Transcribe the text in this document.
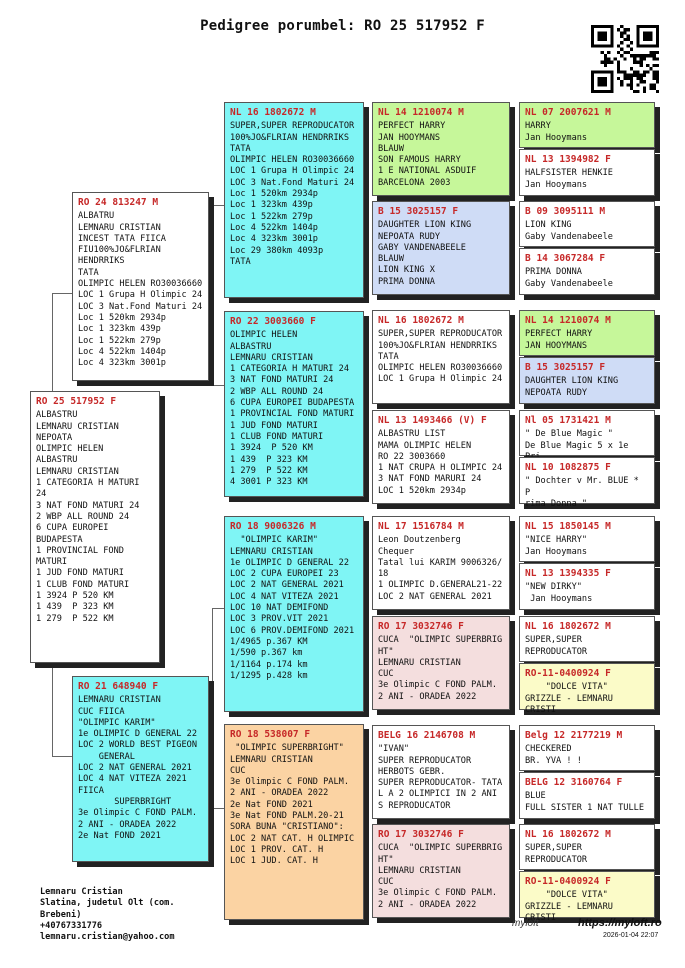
Pedigree porumbel: RO 25 517952 F
RO 25 517952 F
ALBASTRU
LEMNARU CRISTIAN
NEPOATA
OLIMPIC HELEN
ALBASTRU
LEMNARU CRISTIAN
1 CATEGORIA H MATURI 24
3 NAT FOND MATURI 24
2 WBP ALL ROUND 24
6 CUPA EUROPEI BUDAPESTA
1 PROVINCIAL FOND MATURI
1 JUD FOND MATURI
1 CLUB FOND MATURI
1 3924 P 520 KM
1 439  P 323 KM
1 279  P 522 KM
RO 24 813247 M
ALBATRU
LEMNARU CRISTIAN
INCEST TATA FIICA
FIU100%JO&FLRIAN HENDRRIKS
TATA
OLIMPIC HELEN RO30036660
LOC 1 Grupa H Olimpic 24
LOC 3 Nat.Fond Maturi 24
Loc 1 520km 2934p
Loc 1 323km 439p
Loc 1 522km 279p
Loc 4 522km 1404p
Loc 4 323km 3001p
RO 21 648940 F
LEMNARU CRISTIAN
CUC FIICA
"OLIMPIC KARIM"
1e OLIMPIC D GENERAL 22
LOC 2 WORLD BEST PIGEON
GENERAL
LOC 2 NAT GENERAL 2021
LOC 4 NAT VITEZA 2021
FIICA
SUPERBRIGHT
3e Olimpic C FOND PALM.
2 ANI - ORADEA 2022
2e Nat FOND 2021
NL 16 1802672 M
SUPER,SUPER REPRODUCATOR
100%JO&FLRIAN HENDRRIKS
TATA
OLIMPIC HELEN RO30036660
LOC 1 Grupa H Olimpic 24
LOC 3 Nat.Fond Maturi 24
Loc 1 520km 2934p
Loc 1 323km 439p
Loc 1 522km 279p
Loc 4 522km 1404p
Loc 4 323km 3001p
Loc 29 380km 4093p
TATA
RO 22 3003660 F
OLIMPIC HELEN
ALBASTRU
LEMNARU CRISTIAN
1 CATEGORIA H MATURI 24
3 NAT FOND MATURI 24
2 WBP ALL ROUND 24
6 CUPA EUROPEI BUDAPESTA
1 PROVINCIAL FOND MATURI
1 JUD FOND MATURI
1 CLUB FOND MATURI
1 3924  P 520 KM
1 439  P 323 KM
1 279  P 522 KM
4 3001 P 323 KM
RO 18 9006326 M
"OLIMPIC KARIM"
LEMNARU CRISTIAN
1e OLIMPIC D GENERAL 22
LOC 2 CUPA EUROPEI 23
LOC 2 NAT GENERAL 2021
LOC 4 NAT VITEZA 2021
LOC 10 NAT DEMIFOND
LOC 3 PROV.VIT 2021
LOC 6 PROV.DEMIFOND 2021
1/4965 p.367 KM
1/590 p.367 km
1/1164 p.174 km
1/1295 p.428 km
RO 18 538007 F
"OLIMPIC SUPERBRIGHT"
LEMNARU CRISTIAN
CUC
3e Olimpic C FOND PALM.
2 ANI - ORADEA 2022
2e Nat FOND 2021
3e Nat FOND PALM.20-21
SORA BUNA "CRISTIANO":
LOC 2 NAT CAT. H OLIMPIC
LOC 1 PROV. CAT. H
LOC 1 JUD. CAT. H
NL 14 1210074 M
PERFECT HARRY
JAN HOOYMANS
BLAUW
SON FAMOUS HARRY
1 E NATIONAL ASDUIF
BARCELONA 2003
B 15 3025157 F
DAUGHTER LION KING
NEPOATA RUDY
GABY VANDENABEELE
BLAUW
LION KING X
PRIMA DONNA
NL 16 1802672 M
SUPER,SUPER REPRODUCATOR
100%JO&FLRIAN HENDRRIKS
TATA
OLIMPIC HELEN RO30036660
LOC 1 Grupa H Olimpic 24
NL 13 1493466 (V) F
ALBASTRU LIST
MAMA OLIMPIC HELEN
RO 22 3003660
1 NAT CRUPA H OLIMPIC 24
3 NAT FOND MARURI 24
LOC 1 520km 2934p
NL 17 1516784 M
Leon Doutzenberg
Chequer
Tatal lui KARIM 9006326/
18
1 OLIMPIC D.GENERAL21-22
LOC 2 NAT GENERAL 2021
RO 17 3032746 F
CUCA  "OLIMPIC SUPERBRIG
HT"
LEMNARU CRISTIAN
CUC
3e Olimpic C FOND PALM.
2 ANI - ORADEA 2022
BELG 16 2146708 M
"IVAN"
SUPER REPRODUCATOR
HERBOTS GEBR.
SUPER REPRODUCATOR- TATA
L A 2 OLIMPICI IN 2 ANI
S REPRODUCATOR
RO 17 3032746 F
CUCA  "OLIMPIC SUPERBRIG
HT"
LEMNARU CRISTIAN
CUC
3e Olimpic C FOND PALM.
2 ANI - ORADEA 2022
NL 07 2007621 M
HARRY
Jan Hooymans
NL 13 1394982 F
HALFSISTER HENKIE
Jan Hooymans
B 09 3095111 M
LION KING
Gaby Vandenabeele
B 14 3067284 F
PRIMA DONNA
Gaby Vandenabeele
NL 14 1210074 M
PERFECT HARRY
JAN HOOYMANS
B 15 3025157 F
DAUGHTER LION KING
NEPOATA RUDY
Nl 05 1731421 M
" De Blue Magic "
De Blue Magic 5 x 1e
NL 10 1082875 F
" Dochter v Mr. BLUE * P
rima Donna "
NL 15 1850145 M
"NICE HARRY"
Jan Hooymans
NL 13 1394335 F
"NEW DIRKY"
Jan Hooymans
NL 16 1802672 M
SUPER,SUPER REPRODUCATOR
RO-11-0400924 F
"DOLCE VITA"
GRIZZLE - LEMNARU CRISTI
Belg 12 2177219 M
CHECKERED
BR. YVA ! !
BELG 12 3160764 F
BLUE
FULL SISTER 1 NAT TULLE
NL 16 1802672 M
SUPER,SUPER REPRODUCATOR
RO-11-0400924 F
"DOLCE VITA"
GRIZZLE - LEMNARU CRISTI
Lemnaru Cristian
Slatina, judetul Olt (com.
Brebeni)
+40767331776
lemnaru.cristian@yahoo.com
myloft	https://myloft.ro
2026-01-04 22:07
